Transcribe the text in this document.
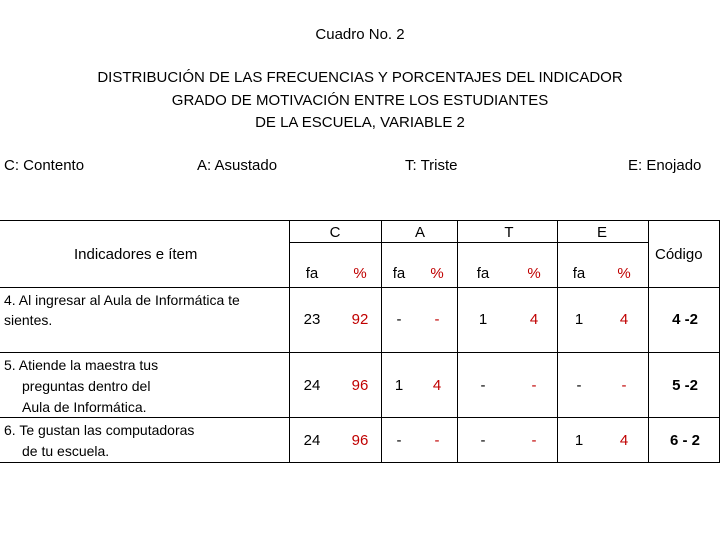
Cuadro No. 2
DISTRIBUCIÓN DE LAS FRECUENCIAS Y PORCENTAJES DEL INDICADOR
GRADO DE MOTIVACIÓN ENTRE LOS ESTUDIANTES
DE LA ESCUELA, VARIABLE 2
C: Contento	A: Asustado	T: Triste	E: Enojado
Indicadores e ítem	Código
C	A	T	E
fa	%	fa	%	fa	%	fa	%
4. Al ingresar al Aula de Informática te
sientes.	23	92	-	-	1	4	1	4	4 -2
5. Atiende la maestra tus
preguntas dentro del
Aula de Informática.
24	96	1	4	-	-	-	-	5 -2
6. Te gustan las computadoras
de tu escuela.
24	96	-	-	-	-	1	4	6 - 2
